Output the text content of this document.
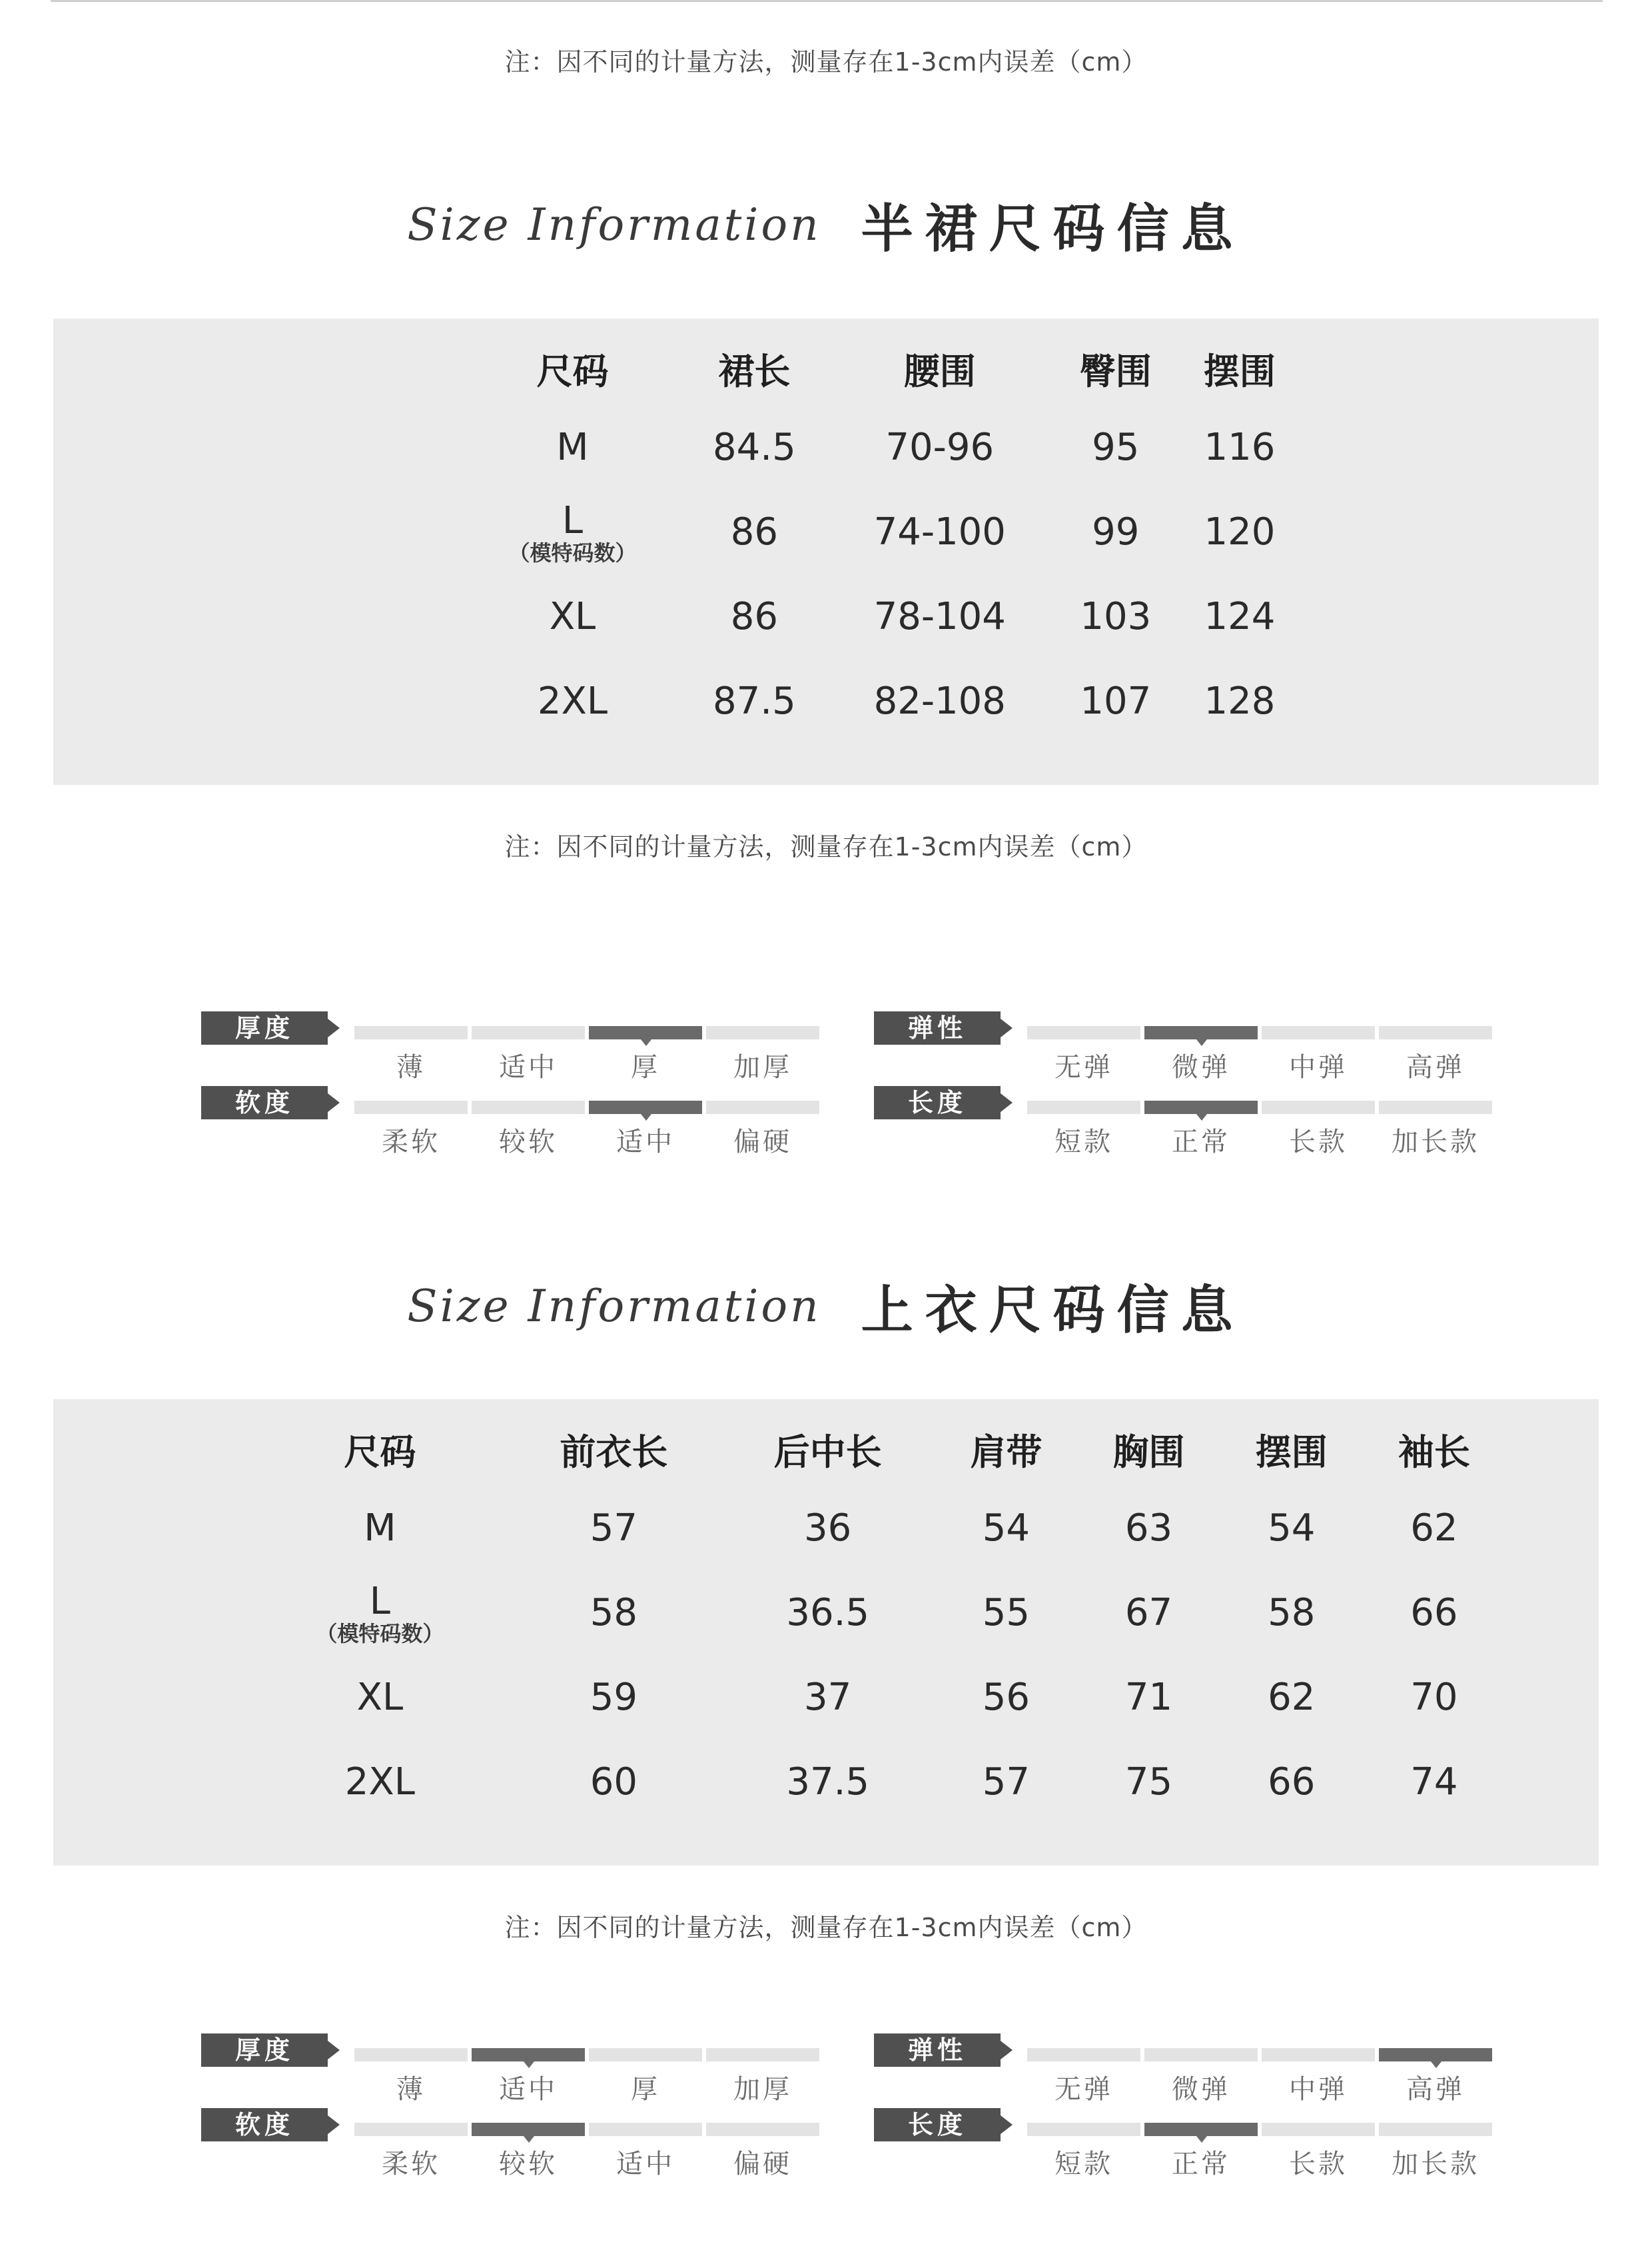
注：因不同的计量方法，测量存在1-3cm内误差（cm）
Size Information 半裙尺码信息
尺码	裙长	腰围	臀围	摆围
M	84.5	70-96	95	116
L
（模特码数）	86	74-100	99	120
XL	86	78-104	103	124
2XL	87.5	82-108	107	128
注：因不同的计量方法，测量存在1-3cm内误差（cm）
厚度
薄	适中	厚	加厚
弹性
无弹	微弹	中弹	高弹
软度
柔软	较软	适中	偏硬
长度
短款	正常	长款	加长款
Size Information 上衣尺码信息
尺码	前衣长	后中长	肩带	胸围	摆围	袖长
M	57	36	54	63	54	62
L
（模特码数）	58	36.5	55	67	58	66
XL	59	37	56	71	62	70
2XL	60	37.5	57	75	66	74
注：因不同的计量方法，测量存在1-3cm内误差（cm）
厚度
薄	适中	厚	加厚
弹性
无弹	微弹	中弹	高弹
软度
柔软	较软	适中	偏硬
长度
短款	正常	长款	加长款
